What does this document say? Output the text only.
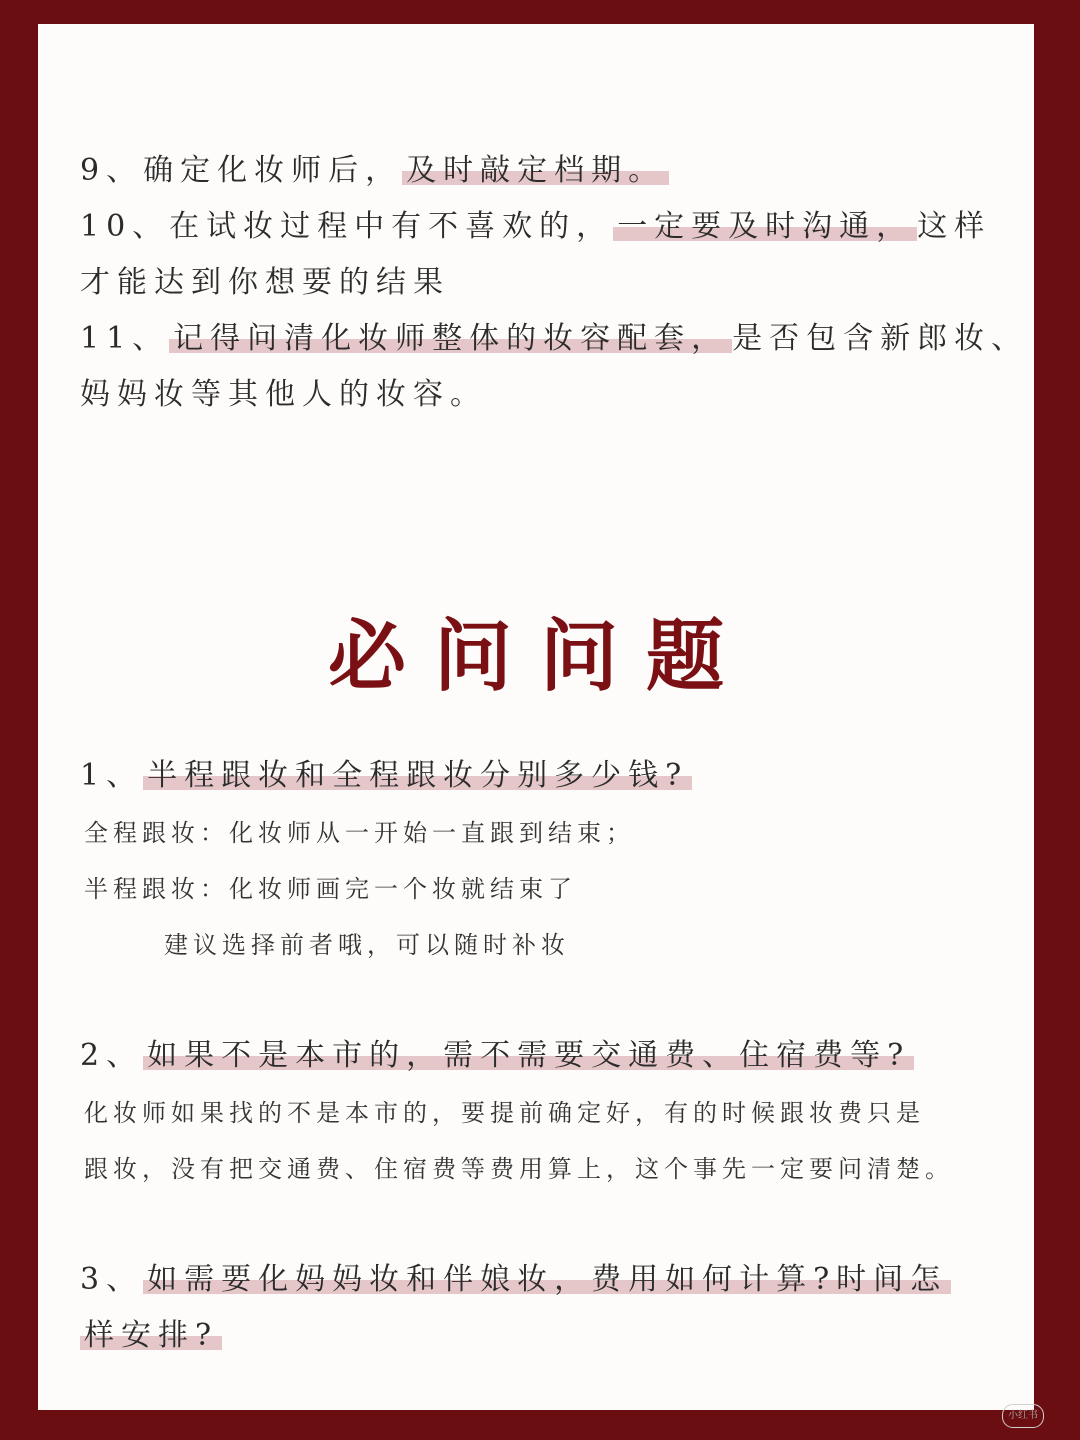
9、确定化妆师后， 及时敲定档期。
10、在试妆过程中有不喜欢的， 一定要及时沟通， 这样
才能达到你想要的结果
11、 记得问清化妆师整体的妆容配套， 是否包含新郎妆、
妈妈妆等其他人的妆容。
必问问题
1、 半程跟妆和全程跟妆分别多少钱?
全程跟妆：化妆师从一开始一直跟到结束；
半程跟妆：化妆师画完一个妆就结束了
建议选择前者哦，可以随时补妆
2、 如果不是本市的，需不需要交通费、住宿费等?
化妆师如果找的不是本市的，要提前确定好，有的时候跟妆费只是
跟妆，没有把交通费、住宿费等费用算上，这个事先一定要问清楚。
3、 如需要化妈妈妆和伴娘妆，费用如何计算?时间怎
样安排?
小红书
